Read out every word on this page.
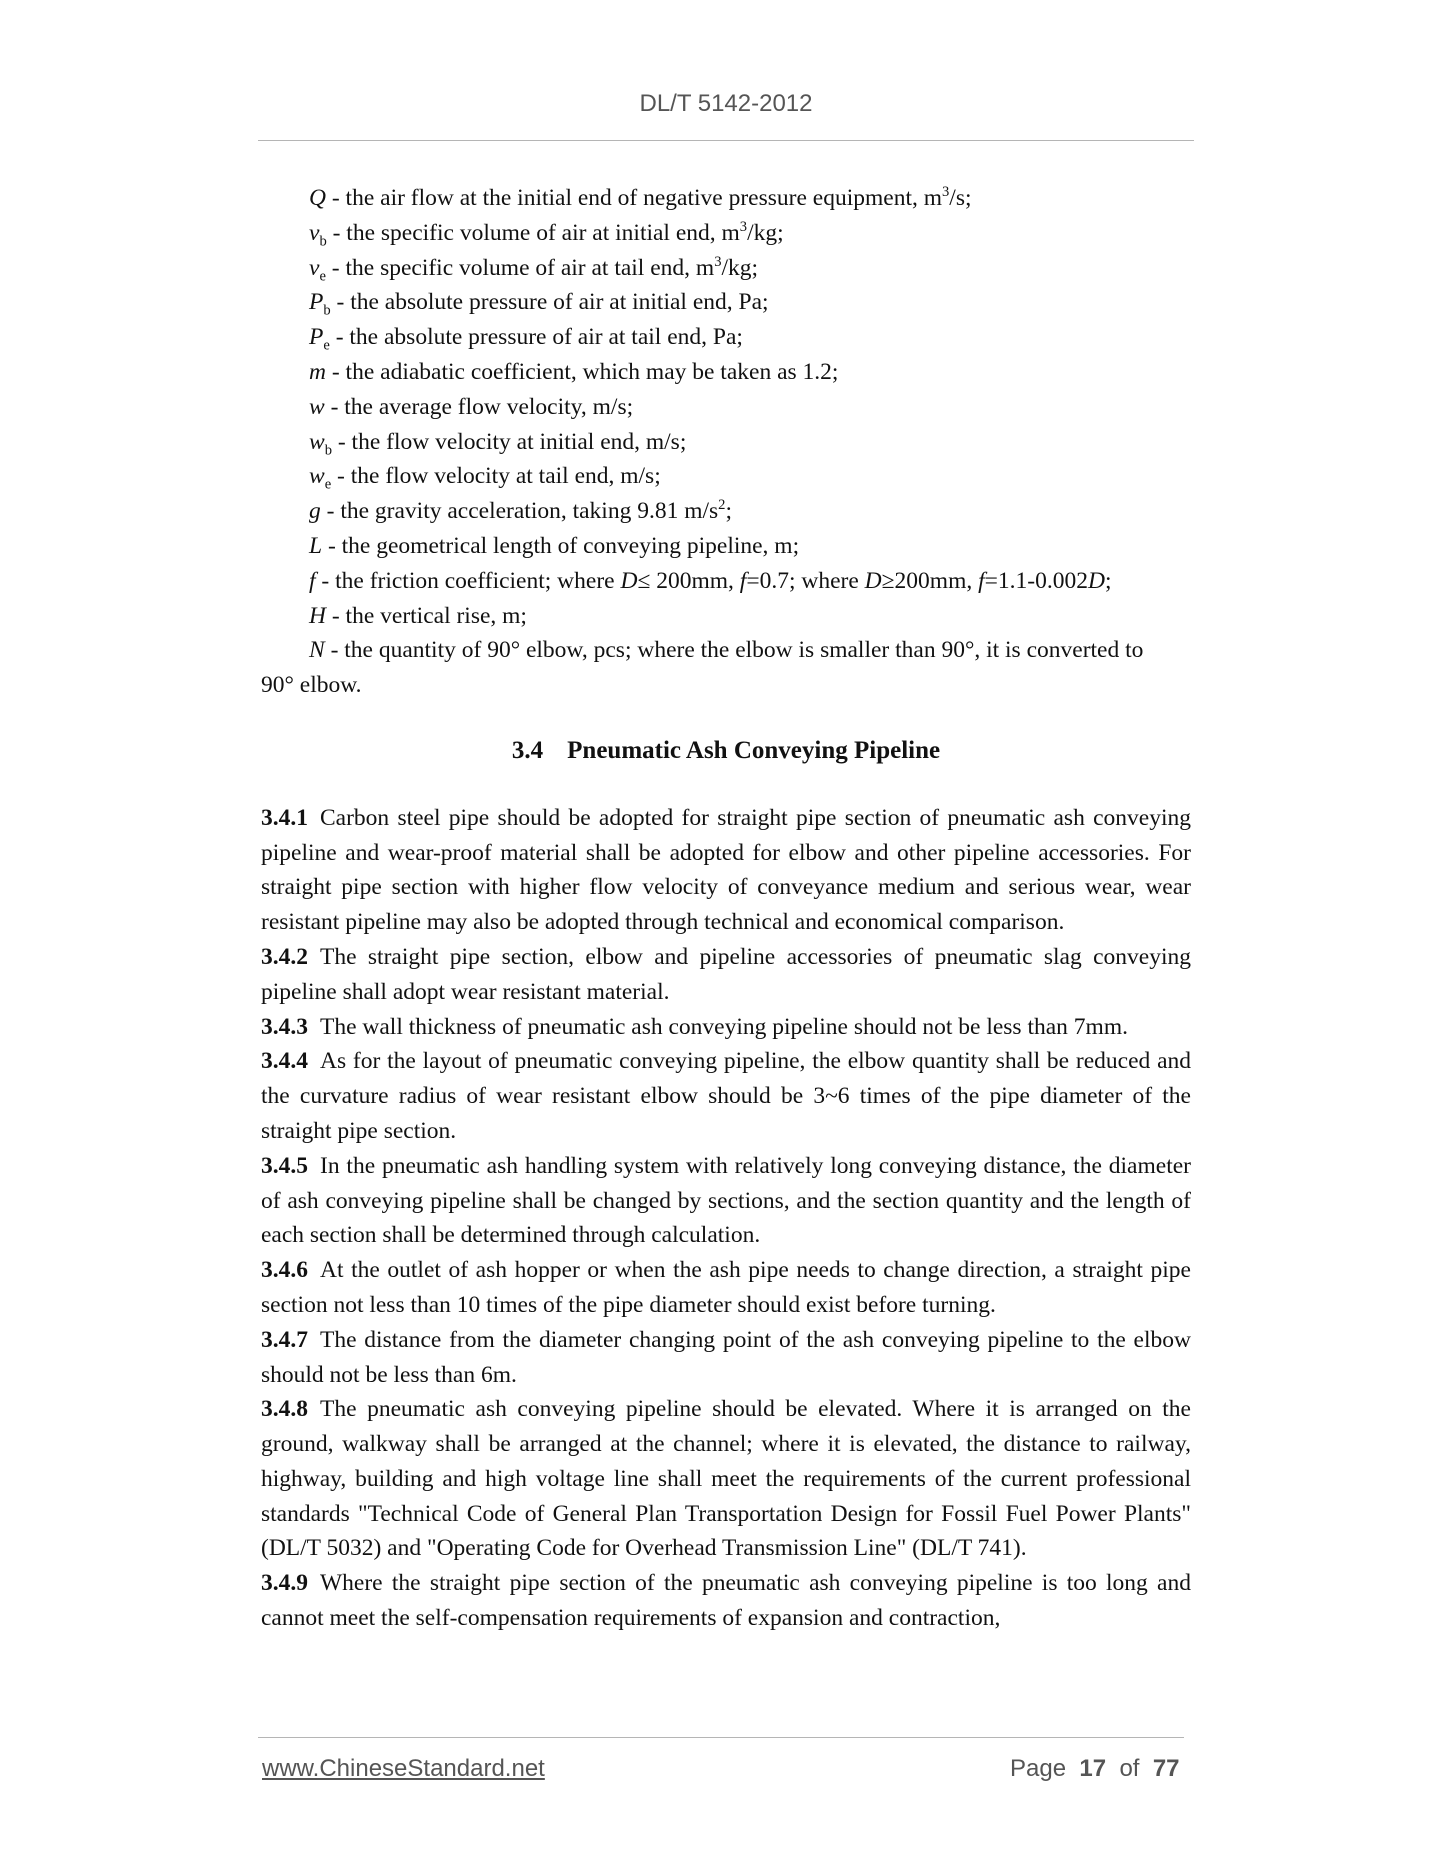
DL/T 5142-2012
Q - the air flow at the initial end of negative pressure equipment, $m^3/s$;
$v_b$ - the specific volume of air at initial end, $m^3/kg$;
$v_e$ - the specific volume of air at tail end, $m^3/kg$;
$P_b$ - the absolute pressure of air at initial end, Pa;
$P_e$ - the absolute pressure of air at tail end, Pa;
m - the adiabatic coefficient, which may be taken as 1.2;
w - the average flow velocity, m/s;
$w_b$ - the flow velocity at initial end, m/s;
$w_e$ - the flow velocity at tail end, m/s;
g - the gravity acceleration, taking 9.81 $m/s^2$;
L - the geometrical length of conveying pipeline, m;
f - the friction coefficient; where D≤ 200mm, f=0.7; where D≥200mm, f=1.1-0.002D;
H - the vertical rise, m;
N - the quantity of 90° elbow, pcs; where the elbow is smaller than 90°, it is converted to
90° elbow.
3.4 Pneumatic Ash Conveying Pipeline
3.4.1 Carbon steel pipe should be adopted for straight pipe section of pneumatic ash conveying pipeline and wear-proof material shall be adopted for elbow and other pipeline accessories. For straight pipe section with higher flow velocity of conveyance medium and serious wear, wear resistant pipeline may also be adopted through technical and economical comparison.
3.4.2 The straight pipe section, elbow and pipeline accessories of pneumatic slag conveying pipeline shall adopt wear resistant material.
3.4.3 The wall thickness of pneumatic ash conveying pipeline should not be less than 7mm.
3.4.4 As for the layout of pneumatic conveying pipeline, the elbow quantity shall be reduced and the curvature radius of wear resistant elbow should be 3~6 times of the pipe diameter of the straight pipe section.
3.4.5 In the pneumatic ash handling system with relatively long conveying distance, the diameter of ash conveying pipeline shall be changed by sections, and the section quantity and the length of each section shall be determined through calculation.
3.4.6 At the outlet of ash hopper or when the ash pipe needs to change direction, a straight pipe section not less than 10 times of the pipe diameter should exist before turning.
3.4.7 The distance from the diameter changing point of the ash conveying pipeline to the elbow should not be less than 6m.
3.4.8 The pneumatic ash conveying pipeline should be elevated. Where it is arranged on the ground, walkway shall be arranged at the channel; where it is elevated, the distance to railway, highway, building and high voltage line shall meet the requirements of the current professional standards "Technical Code of General Plan Transportation Design for Fossil Fuel Power Plants" (DL/T 5032) and "Operating Code for Overhead Transmission Line" (DL/T 741).
3.4.9 Where the straight pipe section of the pneumatic ash conveying pipeline is too long and cannot meet the self-compensation requirements of expansion and contraction,
www.ChineseStandard.net	Page 17 of 77
